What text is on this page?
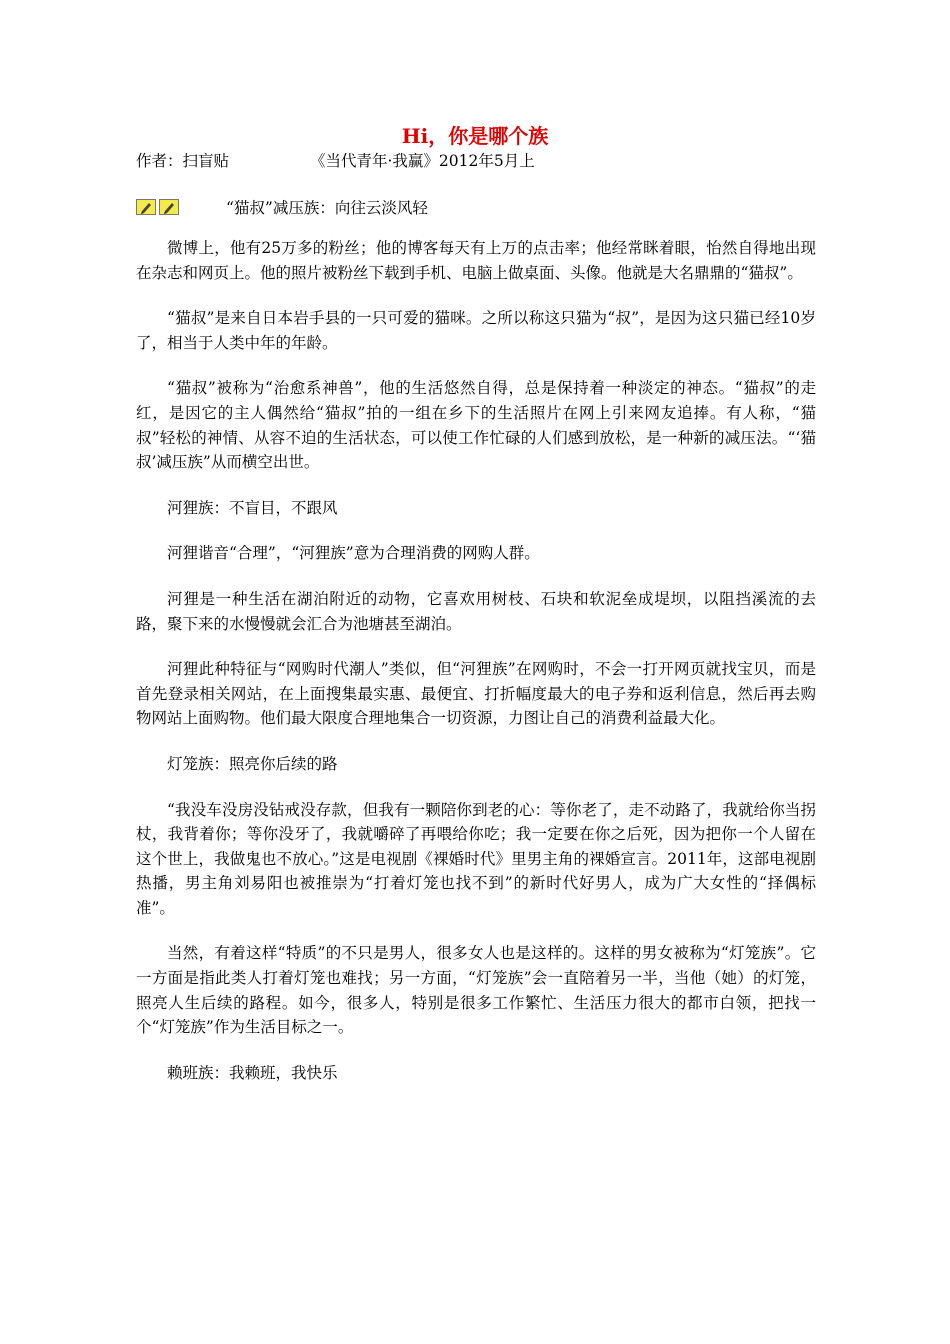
Hi，你是哪个族
作者：扫盲贴	《当代青年·我赢》2012年5月上
“猫叔”减压族：向往云淡风轻

微博上，他有25万多的粉丝；他的博客每天有上万的点击率；他经常眯着眼，怡然自得地出现在杂志和网页上。他的照片被粉丝下载到手机、电脑上做桌面、头像。他就是大名鼎鼎的“猫叔”。

“猫叔”是来自日本岩手县的一只可爱的猫咪。之所以称这只猫为“叔”，是因为这只猫已经10岁了，相当于人类中年的年龄。

“猫叔”被称为“治愈系神兽”，他的生活悠然自得，总是保持着一种淡定的神态。“猫叔”的走红，是因它的主人偶然给“猫叔”拍的一组在乡下的生活照片在网上引来网友追捧。有人称，“猫叔”轻松的神情、从容不迫的生活状态，可以使工作忙碌的人们感到放松，是一种新的减压法。“‘猫叔’减压族”从而横空出世。

河狸族：不盲目，不跟风

河狸谐音“合理”，“河狸族”意为合理消费的网购人群。

河狸是一种生活在湖泊附近的动物，它喜欢用树枝、石块和软泥垒成堤坝，以阻挡溪流的去路，聚下来的水慢慢就会汇合为池塘甚至湖泊。

河狸此种特征与“网购时代潮人”类似，但“河狸族”在网购时，不会一打开网页就找宝贝，而是首先登录相关网站，在上面搜集最实惠、最便宜、打折幅度最大的电子券和返利信息，然后再去购物网站上面购物。他们最大限度合理地集合一切资源，力图让自己的消费利益最大化。

灯笼族：照亮你后续的路

“我没车没房没钻戒没存款，但我有一颗陪你到老的心：等你老了，走不动路了，我就给你当拐杖，我背着你；等你没牙了，我就嚼碎了再喂给你吃；我一定要在你之后死，因为把你一个人留在这个世上，我做鬼也不放心。”这是电视剧《裸婚时代》里男主角的裸婚宣言。2011年，这部电视剧热播，男主角刘易阳也被推崇为“打着灯笼也找不到”的新时代好男人，成为广大女性的“择偶标准”。

当然，有着这样“特质”的不只是男人，很多女人也是这样的。这样的男女被称为“灯笼族”。它一方面是指此类人打着灯笼也难找；另一方面，“灯笼族”会一直陪着另一半，当他（她）的灯笼，照亮人生后续的路程。如今，很多人，特别是很多工作繁忙、生活压力很大的都市白领，把找一个“灯笼族”作为生活目标之一。

赖班族：我赖班，我快乐
